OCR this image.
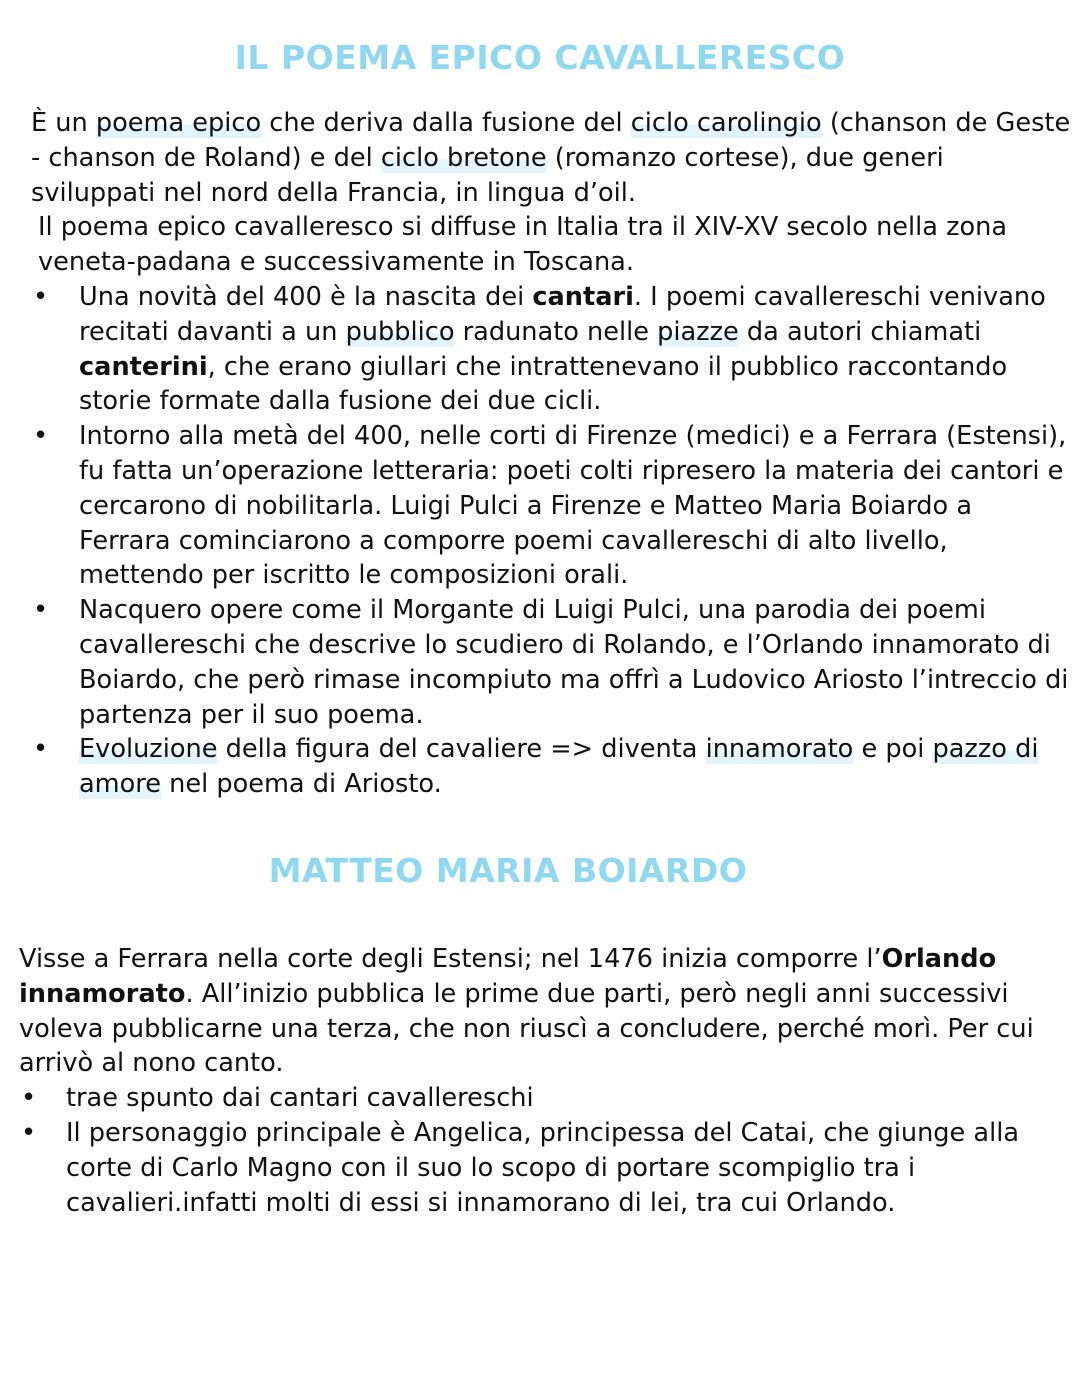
IL POEMA EPICO CAVALLERESCO

È un poema epico che deriva dalla fusione del ciclo carolingio (chanson de Geste - chanson de Roland) e del ciclo bretone (romanzo cortese), due generi sviluppati nel nord della Francia, in lingua d’oil.

Il poema epico cavalleresco si diffuse in Italia tra il XIV-XV secolo nella zona veneta-padana e successivamente in Toscana.

• Una novità del 400 è la nascita dei cantari. I poemi cavallereschi venivano recitati davanti a un pubblico radunato nelle piazze da autori chiamati canterini, che erano giullari che intrattenevano il pubblico raccontando storie formate dalla fusione dei due cicli.
• Intorno alla metà del 400, nelle corti di Firenze (medici) e a Ferrara (Estensi), fu fatta un’operazione letteraria: poeti colti ripresero la materia dei cantori e cercarono di nobilitarla. Luigi Pulci a Firenze e Matteo Maria Boiardo a Ferrara cominciarono a comporre poemi cavallereschi di alto livello, mettendo per iscritto le composizioni orali.
• Nacquero opere come il Morgante di Luigi Pulci, una parodia dei poemi cavallereschi che descrive lo scudiero di Rolando, e l’Orlando innamorato di Boiardo, che però rimase incompiuto ma offrì a Ludovico Ariosto l’intreccio di partenza per il suo poema.
• Evoluzione della figura del cavaliere => diventa innamorato e poi pazzo di amore nel poema di Ariosto.
MATTEO MARIA BOIARDO

Visse a Ferrara nella corte degli Estensi; nel 1476 inizia comporre l’Orlando innamorato. All’inizio pubblica le prime due parti, però negli anni successivi voleva pubblicarne una terza, che non riuscì a concludere, perché morì. Per cui arrivò al nono canto.

• trae spunto dai cantari cavallereschi
• Il personaggio principale è Angelica, principessa del Catai, che giunge alla corte di Carlo Magno con il suo lo scopo di portare scompiglio tra i cavalieri.infatti molti di essi si innamorano di lei, tra cui Orlando.
